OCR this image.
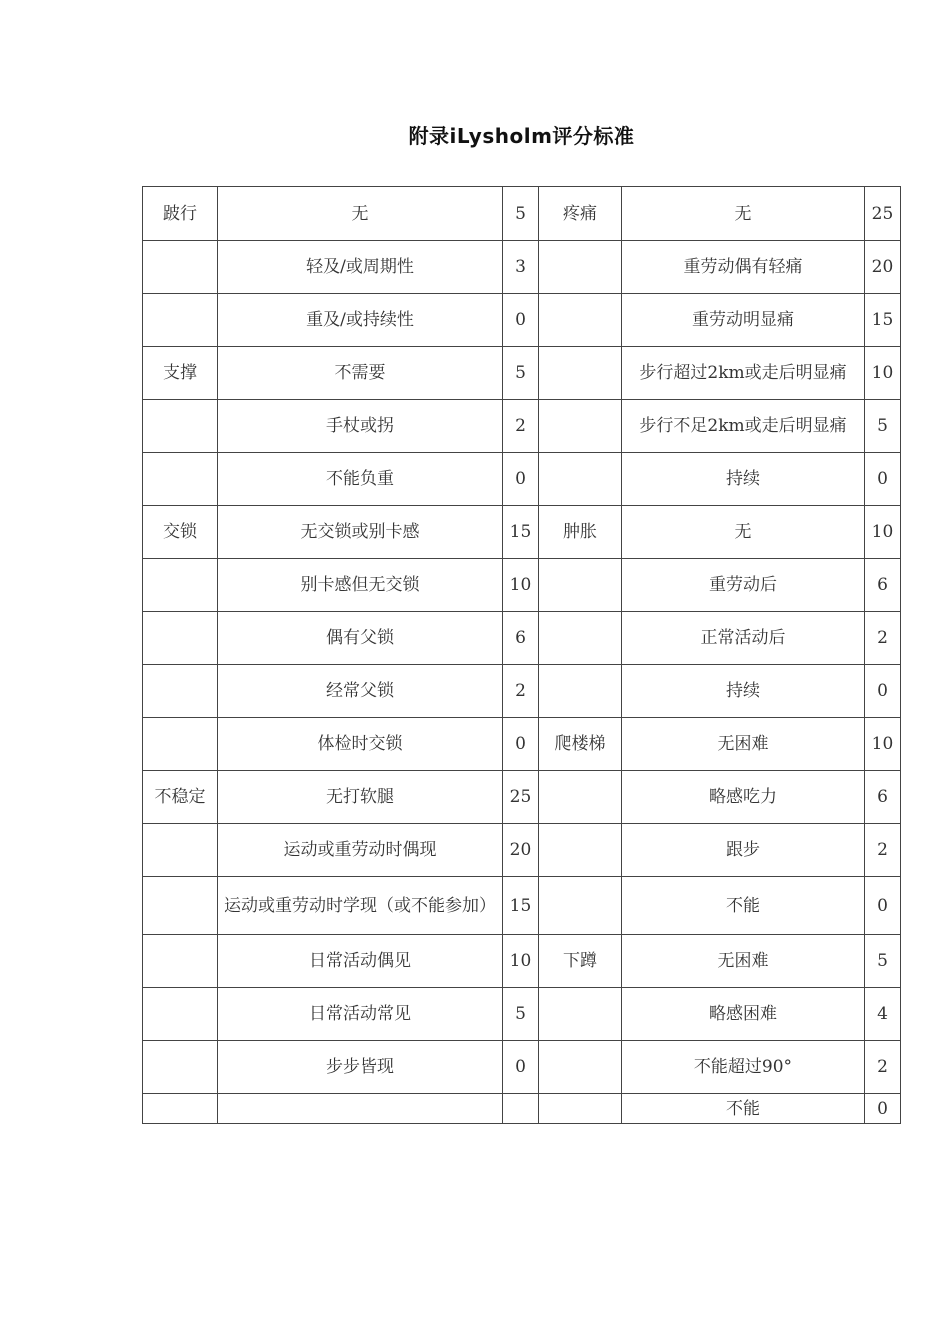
附录iLysholm评分标准
跛行	无	5	疼痛	无	25
	轻及/或周期性	3		重劳动偶有轻痛	20
	重及/或持续性	0		重劳动明显痛	15
支撑	不需要	5		步行超过2km或走后明显痛	10
	手杖或拐	2		步行不足2km或走后明显痛	5
	不能负重	0		持续	0
交锁	无交锁或别卡感	15	肿胀	无	10
	别卡感但无交锁	10		重劳动后	6
	偶有父锁	6		正常活动后	2
	经常父锁	2		持续	0
	体检时交锁	0	爬楼梯	无困难	10
不稳定	无打软腿	25		略感吃力	6
	运动或重劳动时偶现	20		跟步	2
	运动或重劳动时学现（或不能参加）	15		不能	0
	日常活动偶见	10	下蹲	无困难	5
	日常活动常见	5		略感困难	4
	步步皆现	0		不能超过90°	2
				不能	0
